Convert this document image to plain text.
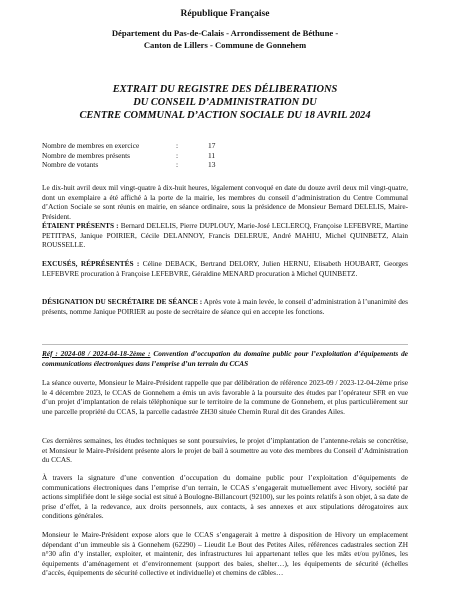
République Française
Département du Pas-de-Calais - Arrondissement de Béthune -
Canton de Lillers - Commune de Gonnehem
EXTRAIT DU REGISTRE DES DÉLIBERATIONS
DU CONSEIL D’ADMINISTRATION DU
CENTRE COMMUNAL D’ACTION SOCIALE DU 18 AVRIL 2024
Nombre de membres en exercice	:	17
Nombre de membres présents	:	11
Nombre de votants	:	13
Le dix-huit avril deux mil vingt-quatre à dix-huit heures, légalement convoqué en date du douze avril deux mil vingt-quatre, dont un exemplaire a été affiché à la porte de la mairie, les membres du conseil d’administration du Centre Communal d’Action Sociale se sont réunis en mairie, en séance ordinaire, sous la présidence de Monsieur Bernard DELELIS, Maire-Président.
ÉTAIENT PRÉSENTS : Bernard DELELIS, Pierre DUPLOUY, Marie-José LECLERCQ, Françoise LEFEBVRE, Martine PETITPAS, Janique POIRIER, Cécile DELANNOY, Francis DELERUE, André MAHIU, Michel QUINBETZ, Alain ROUSSELLE.
EXCUSÉS, RÉPRÉSENTÉS : Céline DEBACK, Bertrand DELORY, Julien HERNU, Elisabeth HOUBART, Georges LEFEBVRE procuration à Françoise LEFEBVRE, Géraldine MENARD procuration à Michel QUINBETZ.
DÉSIGNATION DU SECRÉTAIRE DE SÉANCE : Après vote à main levée, le conseil d’administration à l’unanimité des présents, nomme Janique POIRIER au poste de secrétaire de séance qui en accepte les fonctions.
Réf : 2024-08 / 2024-04-18-2ème : Convention d’occupation du domaine public pour l’exploitation d’équipements de communications électroniques dans l’emprise d’un terrain du CCAS
La séance ouverte, Monsieur le Maire-Président rappelle que par délibération de référence 2023-09 / 2023-12-04-2ème prise le 4 décembre 2023, le CCAS de Gonnehem a émis un avis favorable à la poursuite des études par l’opérateur SFR en vue d’un projet d’implantation de relais téléphonique sur le territoire de la commune de Gonnehem, et plus particulièrement sur une parcelle propriété du CCAS, la parcelle cadastrée ZH30 située Chemin Rural dit des Grandes Ailes.
Ces dernières semaines, les études techniques se sont poursuivies, le projet d’implantation de l’antenne-relais se concrétise, et Monsieur le Maire-Président présente alors le projet de bail à soumettre au vote des membres du Conseil d’Administration du CCAS.
À travers la signature d’une convention d’occupation du domaine public pour l’exploitation d’équipements de communications électroniques dans l’emprise d’un terrain, le CCAS s’engagerait mutuellement avec Hivory, société par actions simplifiée dont le siège social est situé à Boulogne-Billancourt (92100), sur les points relatifs à son objet, à sa date de prise d’effet, à la redevance, aux droits personnels, aux contacts, à ses annexes et aux stipulations dérogatoires aux conditions générales.
Monsieur le Maire-Président expose alors que le CCAS s’engagerait à mettre à disposition de Hivory un emplacement dépendant d’un immeuble sis à Gonnehem (62290) – Lieudit Le Bout des Petites Ailes, références cadastrales section ZH n°30 afin d’y installer, exploiter, et maintenir, des infrastructures lui appartenant telles que les mâts et/ou pylônes, les équipements d’aménagement et d’environnement (support des baies, shelter…), les équipements de sécurité (échelles d’accès, équipements de sécurité collective et individuelle) et chemins de câbles…
